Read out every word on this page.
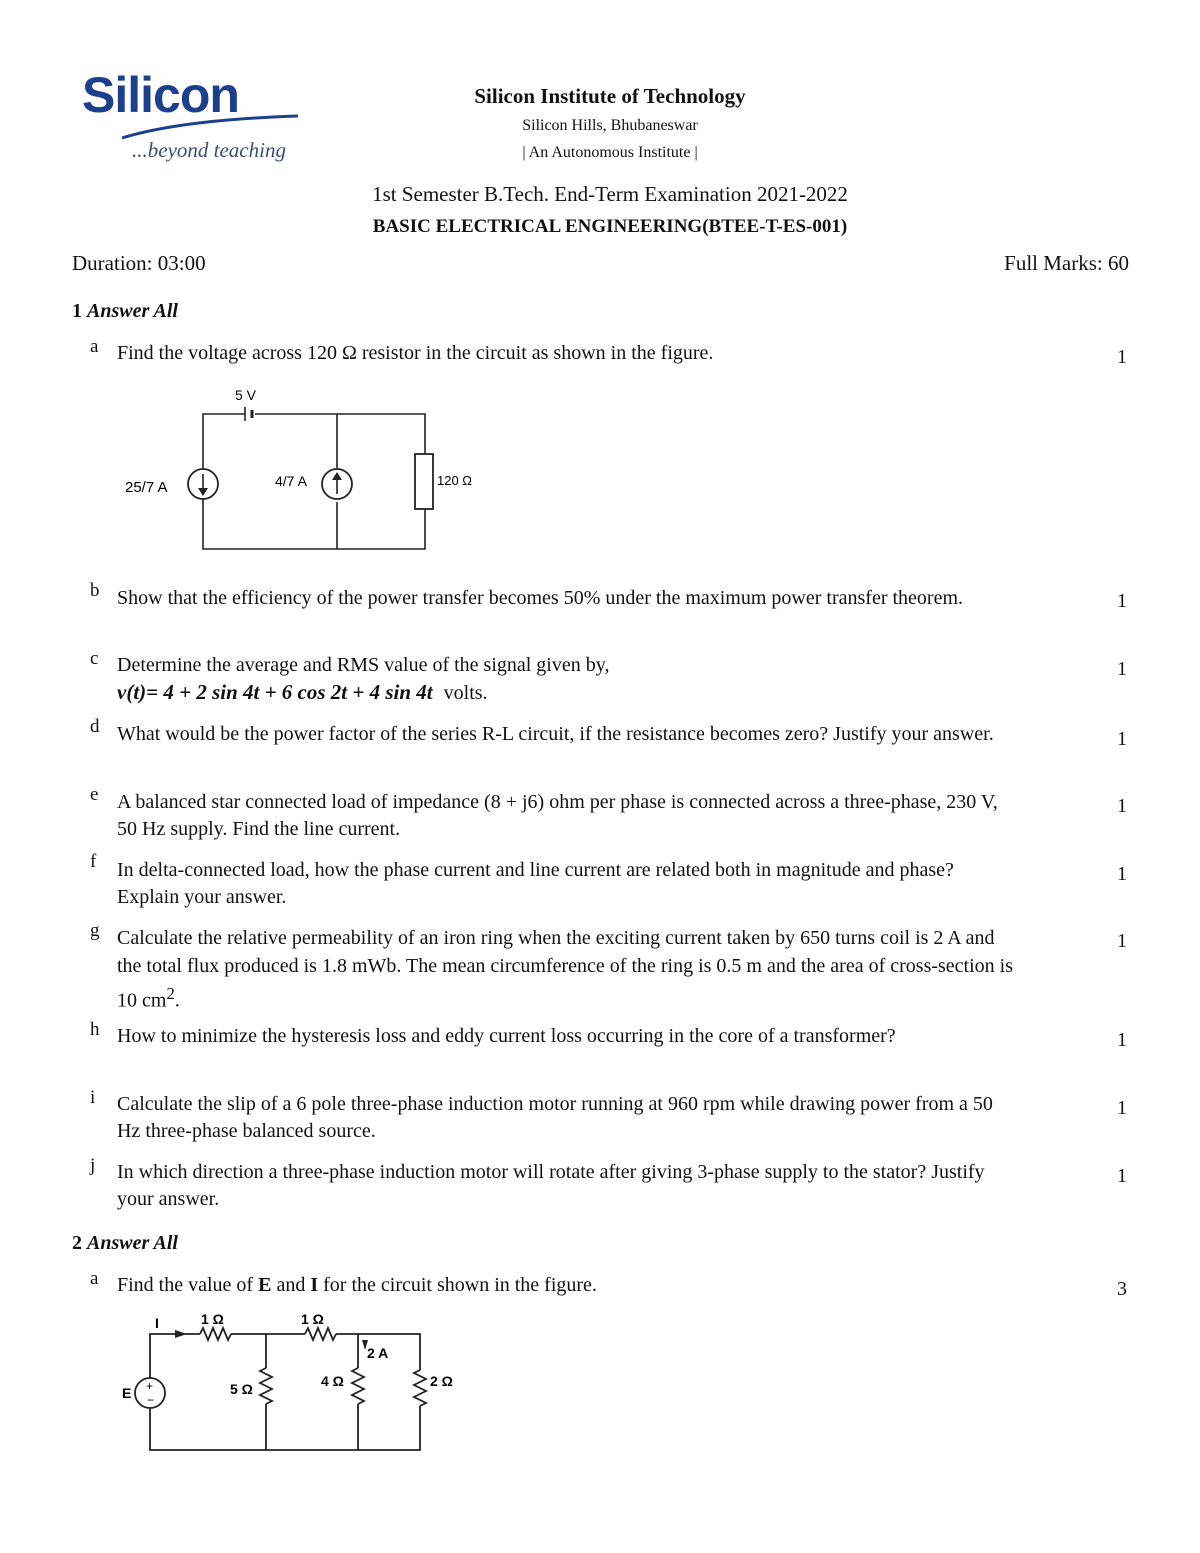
Silicon
...beyond teaching
Silicon Institute of Technology
Silicon Hills, Bhubaneswar
| An Autonomous Institute |
1st Semester B.Tech. End-Term Examination 2021-2022
BASIC ELECTRICAL ENGINEERING(BTEE-T-ES-001)
Duration: 03:00	Full Marks: 60
1 Answer All
a Find the voltage across 120 Ω resistor in the circuit as shown in the figure.	1
5 V
25/7 A	4/7 A	120 Ω
b Show that the efficiency of the power transfer becomes 50% under the maximum power transfer theorem.	1
c Determine the average and RMS value of the signal given by,
v(t)= 4 + 2 sin 4t + 6 cos 2t + 4 sin 4t volts.
1
d What would be the power factor of the series R-L circuit, if the resistance becomes zero? Justify your answer.	1
e A balanced star connected load of impedance (8 + j6) ohm per phase is connected across a three-phase, 230 V, 50 Hz supply. Find the line current.
1
f In delta-connected load, how the phase current and line current are related both in magnitude and phase? Explain your answer.
1
g Calculate the relative permeability of an iron ring when the exciting current taken by 650 turns coil is 2 A and the total flux produced is 1.8 mWb. The mean circumference of the ring is 0.5 m and the area of cross-section is 10 $cm^2$.
1
h How to minimize the hysteresis loss and eddy current loss occurring in the core of a transformer?	1
i Calculate the slip of a 6 pole three-phase induction motor running at 960 rpm while drawing power from a 50 Hz three-phase balanced source.
1
j In which direction a three-phase induction motor will rotate after giving 3-phase supply to the stator? Justify your answer.
1
2 Answer All
a Find the value of E and I for the circuit shown in the figure.	3
+
−
I	1 Ω	1 Ω
2 A
5 Ω	4 Ω	2 Ω
E
